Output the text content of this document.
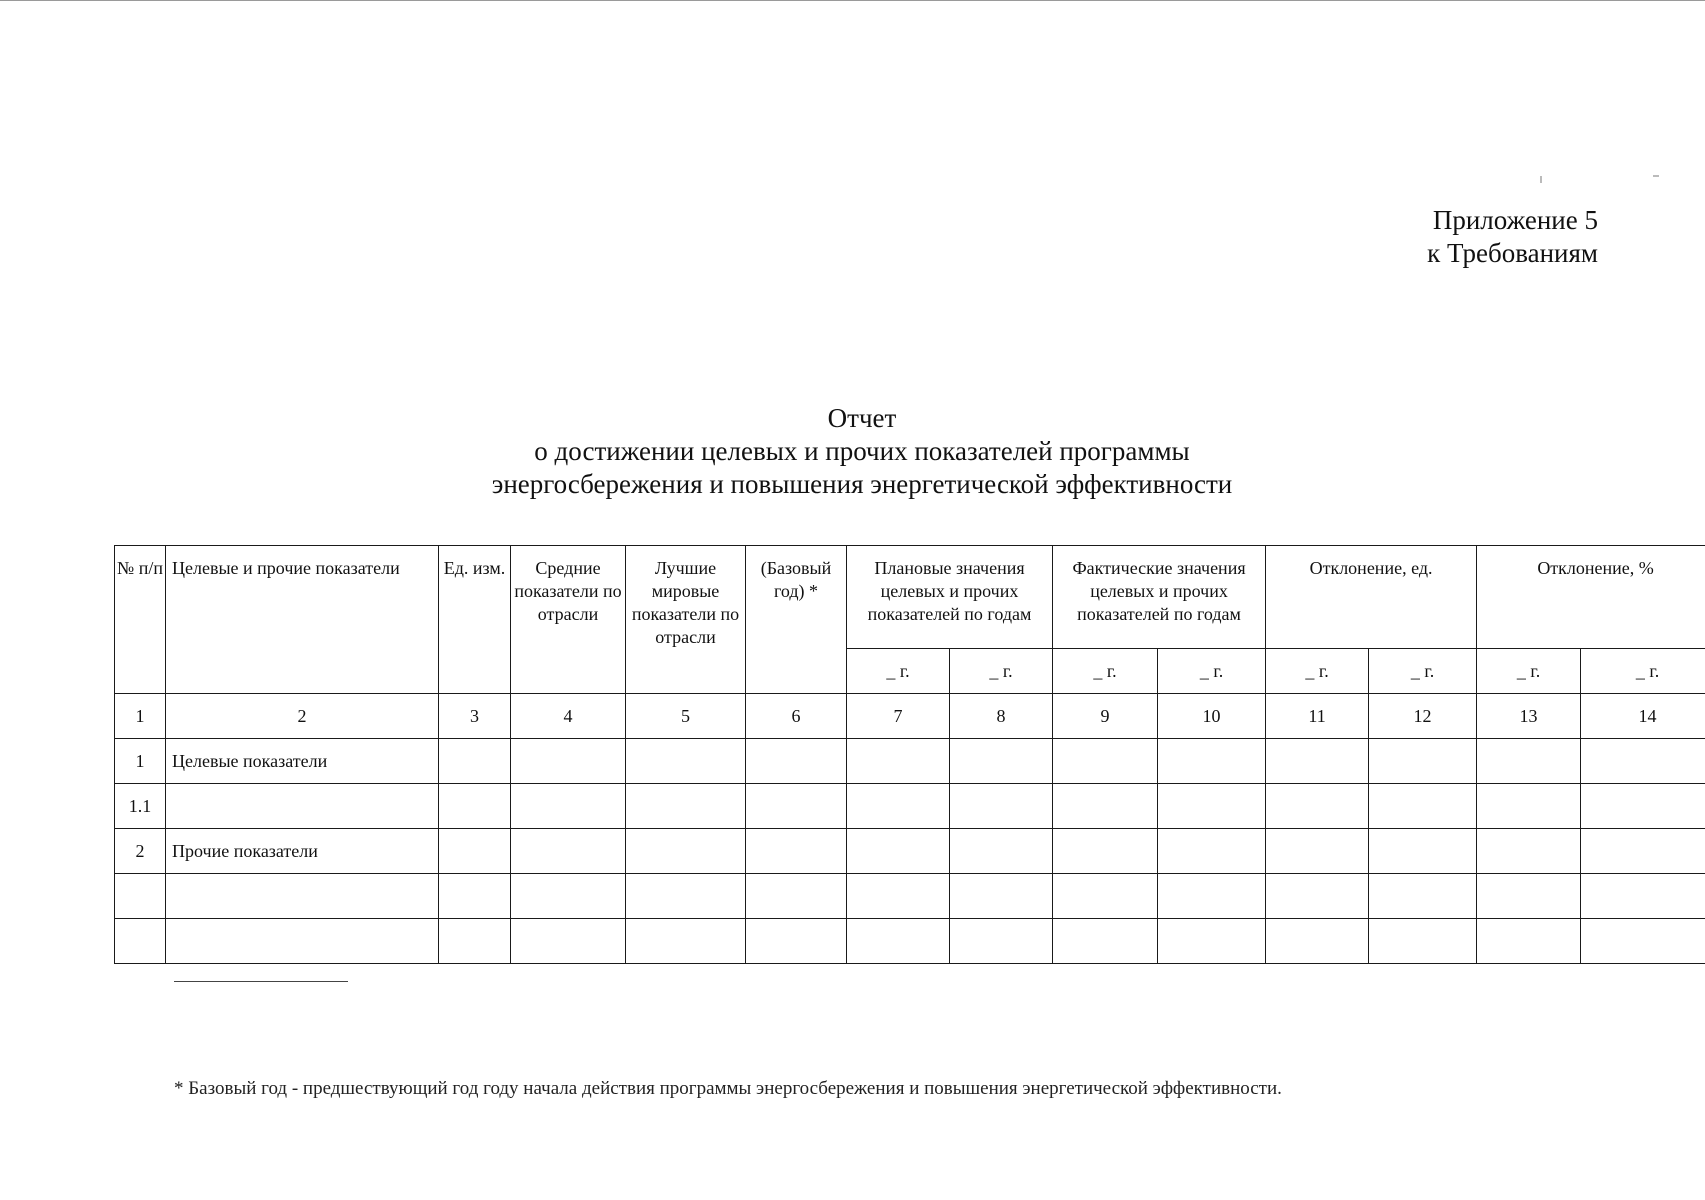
Приложение 5
к Требованиям
Отчет
о достижении целевых и прочих показателей программы
энергосбережения и повышения энергетической эффективности
№ п/п	Целевые и прочие показатели	Ед. изм.	Средние показатели по отрасли	Лучшие мировые показатели по отрасли	(Базовый год) *	Плановые значения целевых и прочих показателей по годам		Фактические значения целевых и прочих показателей по годам		Отклонение, ед.		Отклонение, %	
						_ г.	_ г.	_ г.	_ г.	_ г.	_ г.	_ г.	_ г.
1	2	3	4	5	6	7	8	9	10	11	12	13	14
1	Целевые показатели												
1.1													
2	Прочие показатели												

* Базовый год - предшествующий год году начала действия программы энергосбережения и повышения энергетической эффективности.
